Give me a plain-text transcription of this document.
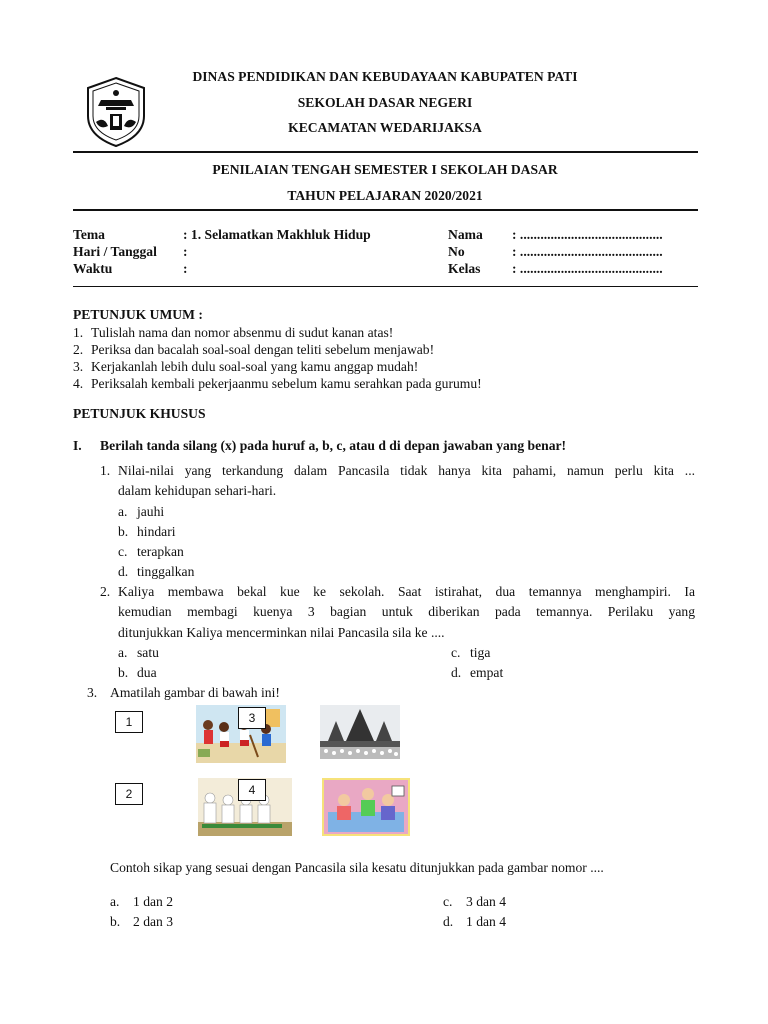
DINAS PENDIDIKAN DAN KEBUDAYAAN KABUPATEN PATI
SEKOLAH DASAR NEGERI
KECAMATAN WEDARIJAKSA
PENILAIAN TENGAH SEMESTER I SEKOLAH DASAR
TAHUN PELAJARAN 2020/2021
Tema	: 1. Selamatkan Makhluk Hidup
Hari / Tanggal :
Waktu	:
Nama : ..........................................
No	: ..........................................
Kelas : ..........................................
PETUNJUK UMUM :
1. Tulislah nama dan nomor absenmu di sudut kanan atas!
2. Periksa dan bacalah soal-soal dengan teliti sebelum menjawab!
3. Kerjakanlah lebih dulu soal-soal yang kamu anggap mudah!
4. Periksalah kembali pekerjaanmu sebelum kamu serahkan pada gurumu!
PETUNJUK KHUSUS
I. Berilah tanda silang (x) pada huruf a, b, c, atau d di depan jawaban yang benar!
1. Nilai-nilai yang terkandung dalam Pancasila tidak hanya kita pahami, namun perlu kita ...
dalam kehidupan sehari-hari.
a. jauhi
b. hindari
c. terapkan
d. tinggalkan
2. Kaliya membawa bekal kue ke sekolah. Saat istirahat, dua temannya menghampiri. Ia
kemudian membagi kuenya 3 bagian untuk diberikan pada temannya. Perilaku yang
ditunjukkan Kaliya mencerminkan nilai Pancasila sila ke ....
a. satu
b. dua
c. tiga
d. empat
3. Amatilah gambar di bawah ini!
1
2
3
4
Contoh sikap yang sesuai dengan Pancasila sila kesatu ditunjukkan pada gambar nomor ....
a. 1 dan 2
b. 2 dan 3
c. 3 dan 4
d. 1 dan 4
